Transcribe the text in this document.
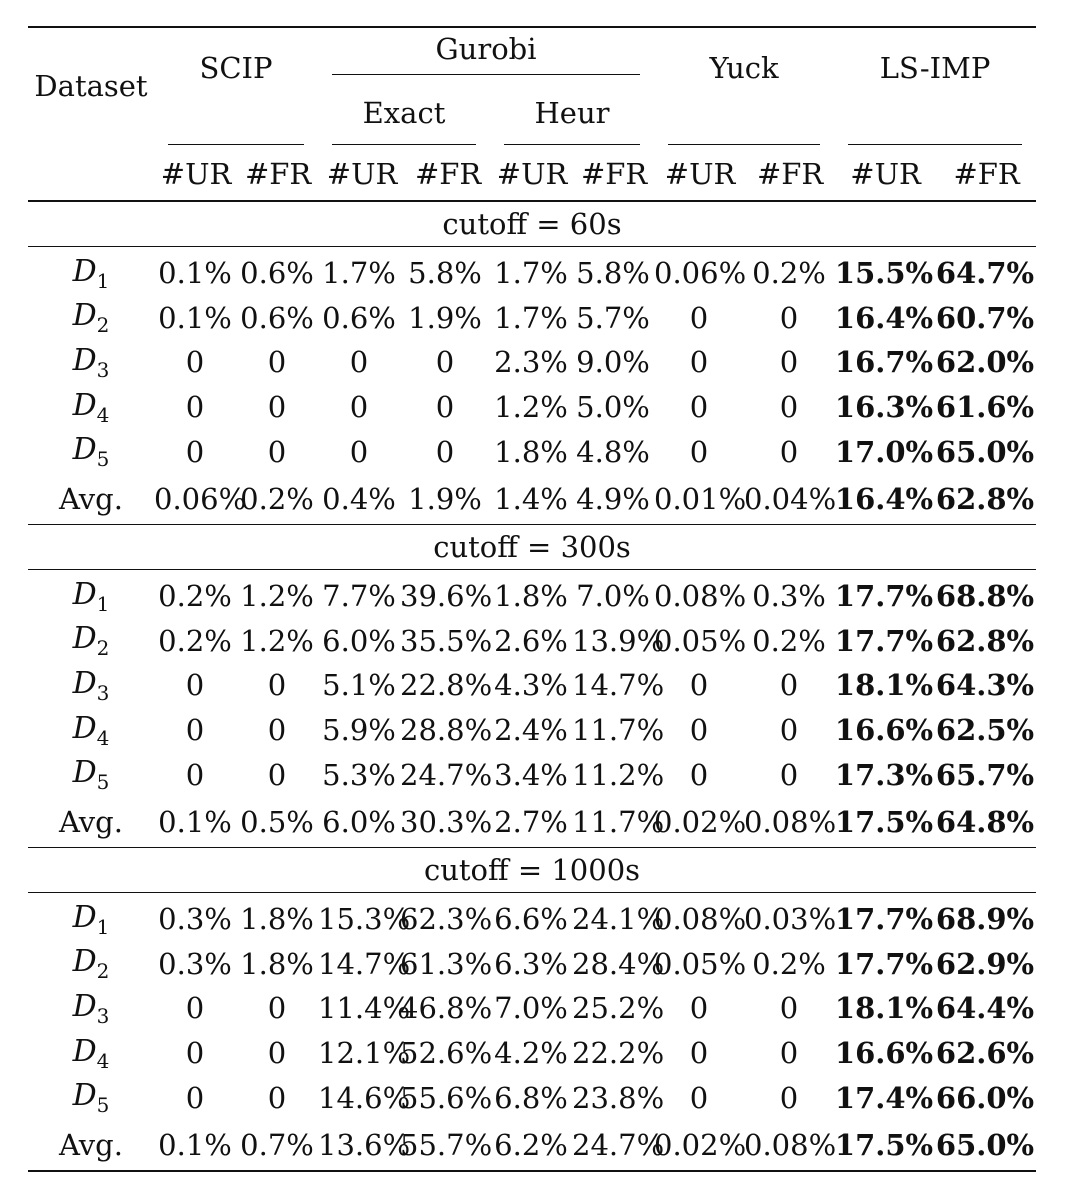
Dataset	SCIP		Gurobi				Yuck		LS-IMP	

			Exact		Heur					

	#UR #FR		#UR #FR		#UR #FR		#UR #FR		#UR #FR	

cutoff = 60s										
$D_1$	0.1%	0.6%	1.7%	5.8%	1.7%	5.8%	0.06%	0.2%	15.5%	64.7%
$D_2$	0.1%	0.6%	0.6%	1.9%	1.7%	5.7%	0	0	16.4%	60.7%
$D_3$	0	0	0	0	2.3%	9.0%	0	0	16.7%	62.0%
$D_4$	0	0	0	0	1.2%	5.0%	0	0	16.3%	61.6%
$D_5$	0	0	0	0	1.8%	4.8%	0	0	17.0%	65.0%
Avg.	0.06%	0.2%	0.4%	1.9%	1.4%	4.9%	0.01%	0.04%	16.4%	62.8%
cutoff = 300s										
$D_1$	0.2%	1.2%	7.7%	39.6%	1.8%	7.0%	0.08%	0.3%	17.7%	68.8%
$D_2$	0.2%	1.2%	6.0%	35.5%	2.6%	13.9%	0.05%	0.2%	17.7%	62.8%
$D_3$	0	0	5.1%	22.8%	4.3%	14.7%	0	0	18.1%	64.3%
$D_4$	0	0	5.9%	28.8%	2.4%	11.7%	0	0	16.6%	62.5%
$D_5$	0	0	5.3%	24.7%	3.4%	11.2%	0	0	17.3%	65.7%
Avg.	0.1%	0.5%	6.0%	30.3%	2.7%	11.7%	0.02%	0.08%	17.5%	64.8%
cutoff = 1000s										
$D_1$	0.3%	1.8%	15.3%	62.3%	6.6%	24.1%	0.08%	0.03%	17.7%	68.9%
$D_2$	0.3%	1.8%	14.7%	61.3%	6.3%	28.4%	0.05%	0.2%	17.7%	62.9%
$D_3$	0	0	11.4%	46.8%	7.0%	25.2%	0	0	18.1%	64.4%
$D_4$	0	0	12.1%	52.6%	4.2%	22.2%	0	0	16.6%	62.6%
$D_5$	0	0	14.6%	55.6%	6.8%	23.8%	0	0	17.4%	66.0%
Avg.	0.1%	0.7%	13.6%	55.7%	6.2%	24.7%	0.02%	0.08%	17.5%	65.0%
